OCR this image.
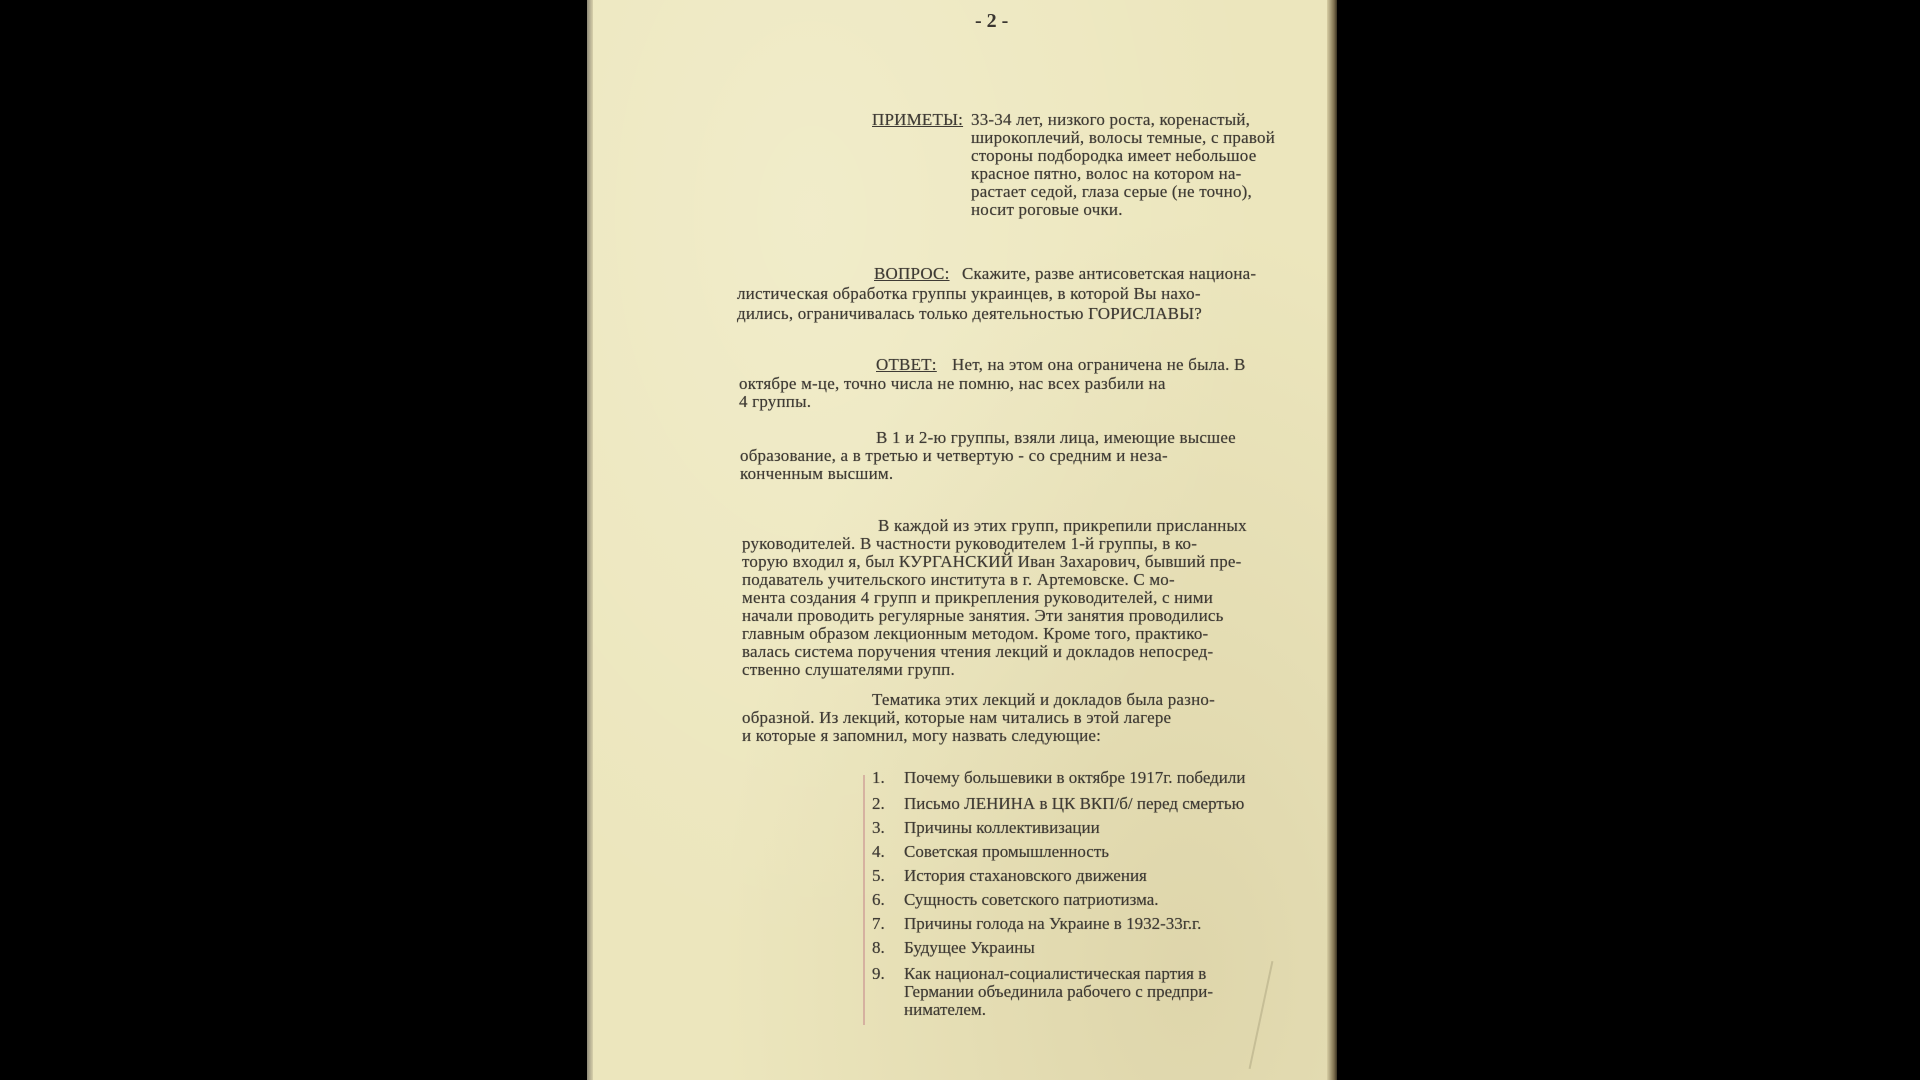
- 2 -
ПРИМЕТЫ: 33-34 лет, низкого роста, коренастый,
широкоплечий, волосы темные, с правой
стороны подбородка имеет небольшое
красное пятно, волос на котором на-
растает седой, глаза серые (не точно),
носит роговые очки.
ВОПРОС: Скажите, разве антисоветская национа-
листическая обработка группы украинцев, в которой Вы нахо-
дились, ограничивалась только деятельностью ГОРИСЛАВЫ?
ОТВЕТ: Нет, на этом она ограничена не была. В
октябре м-це, точно числа не помню, нас всех разбили на
4 группы.
В 1 и 2-ю группы, взяли лица, имеющие высшее
образование, а в третью и четвертую - со средним и неза-
конченным высшим.
В каждой из этих групп, прикрепили присланных
руководителей. В частности руководителем 1-й группы, в ко-
торую входил я, был КУРГАНСКИЙ Иван Захарович, бывший пре-
подаватель учительского института в г. Артемовске. С мо-
мента создания 4 групп и прикрепления руководителей, с ними
начали проводить регулярные занятия. Эти занятия проводились
главным образом лекционным методом. Кроме того, практико-
валась система поручения чтения лекций и докладов непосред-
ственно слушателями групп.
Тематика этих лекций и докладов была разно-
образной. Из лекций, которые нам читались в этой лагере
и которые я запомнил, могу назвать следующие:
1. Почему большевики в октябре 1917г. победили
2. Письмо ЛЕНИНА в ЦК ВКП/б/ перед смертью
3. Причины коллективизации
4. Советская промышленность
5. История стахановского движения
6. Сущность советского патриотизма.
7. Причины голода на Украине в 1932-33г.г.
8. Будущее Украины
9. Как национал-социалистическая партия в
Германии объединила рабочего с предпри-
нимателем.
